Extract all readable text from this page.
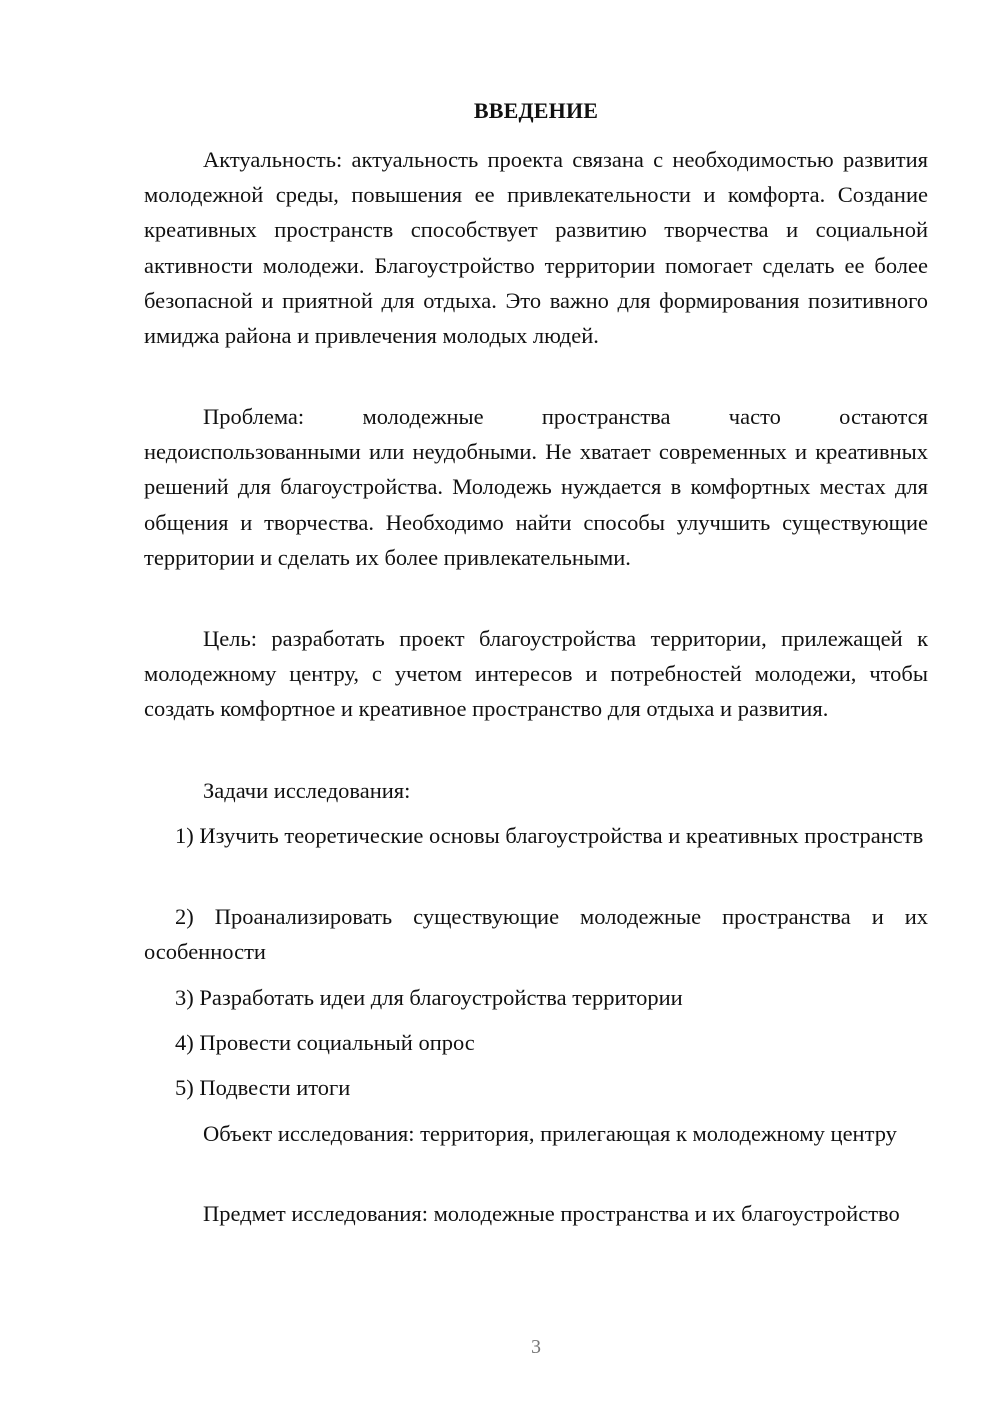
ВВЕДЕНИЕ

Актуальность: актуальность проекта связана с необходимостью развития молодежной среды, повышения ее привлекательности и комфорта. Создание креативных пространств способствует развитию творчества и социальной активности молодежи. Благоустройство территории помогает сделать ее более безопасной и приятной для отдыха. Это важно для формирования позитивного имиджа района и привлечения молодых людей.

Проблема: молодежные пространства часто остаются недоиспользованными или неудобными. Не хватает современных и креативных решений для благоустройства. Молодежь нуждается в комфортных местах для общения и творчества. Необходимо найти способы улучшить существующие территории и сделать их более привлекательными.

Цель: разработать проект благоустройства территории, прилежащей к молодежному центру, с учетом интересов и потребностей молодежи, чтобы создать комфортное и креативное пространство для отдыха и развития.

Задачи исследования:

1) Изучить теоретические основы благоустройства и креативных пространств

2) Проанализировать существующие молодежные пространства и их особенности

3) Разработать идеи для благоустройства территории

4) Провести социальный опрос

5) Подвести итоги

Объект исследования: территория, прилегающая к молодежному центру

Предмет исследования: молодежные пространства и их благоустройство

3
